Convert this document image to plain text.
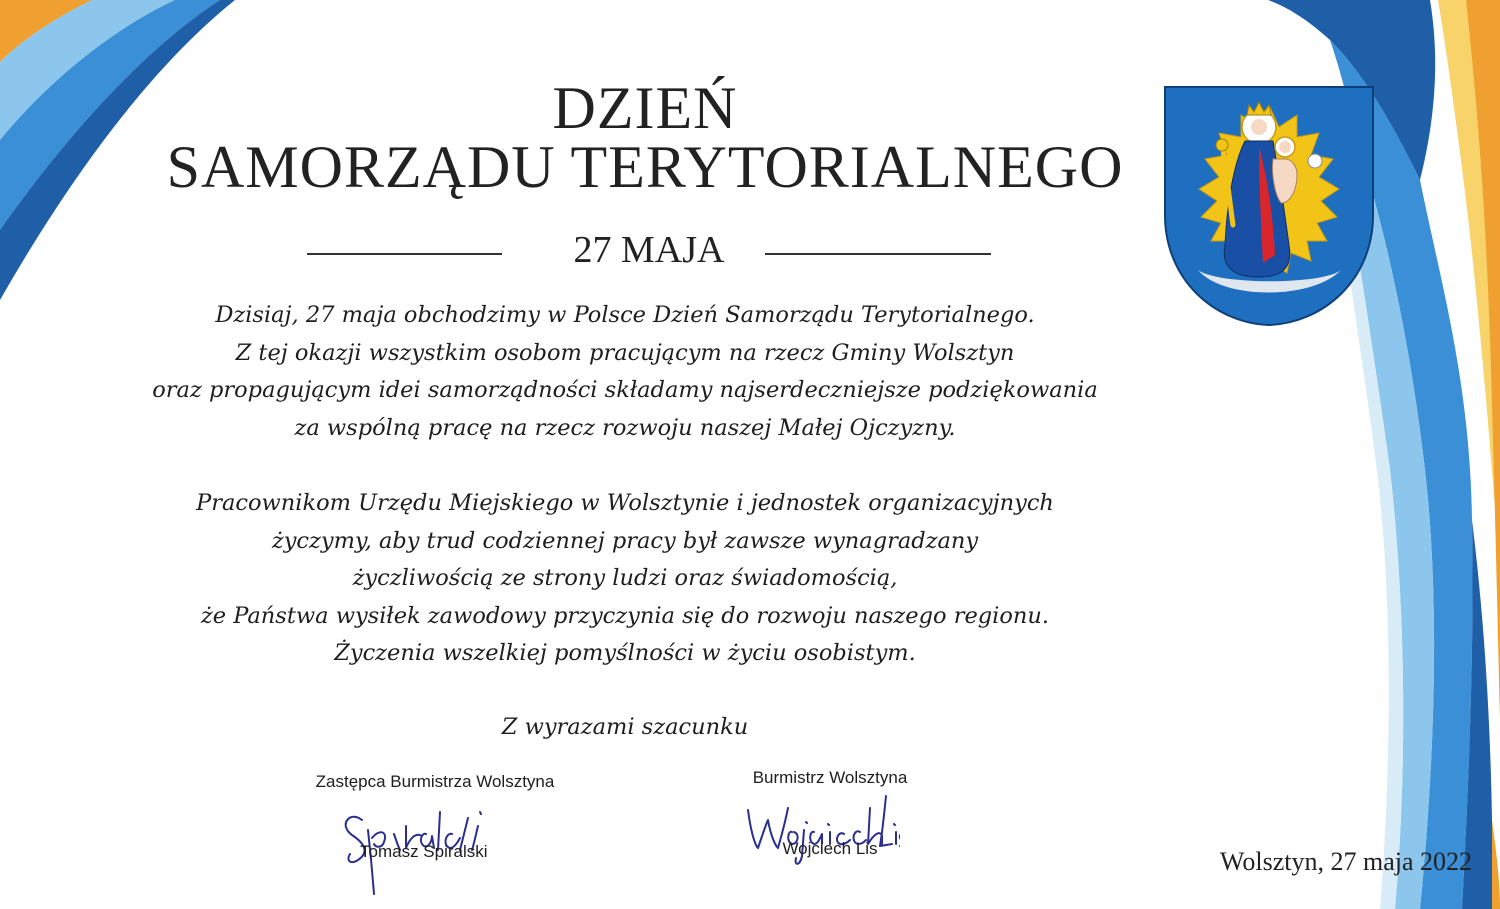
DZIEŃ
SAMORZĄDU TERYTORIALNEGO
27 MAJA
Dzisiaj, 27 maja obchodzimy w Polsce Dzień Samorządu Terytorialnego.
Z tej okazji wszystkim osobom pracującym na rzecz Gminy Wolsztyn
oraz propagującym idei samorządności składamy najserdeczniejsze podziękowania
za wspólną pracę na rzecz rozwoju naszej Małej Ojczyzny.
Pracownikom Urzędu Miejskiego w Wolsztynie i jednostek organizacyjnych
życzymy, aby trud codziennej pracy był zawsze wynagradzany
życzliwością ze strony ludzi oraz świadomością,
że Państwa wysiłek zawodowy przyczynia się do rozwoju naszego regionu.
Życzenia wszelkiej pomyślności w życiu osobistym.
Z wyrazami szacunku
Zastępca Burmistrza Wolsztyna
Tomasz Spiralski
Burmistrz Wolsztyna
Wojciech Lis	Wolsztyn, 27 maja 2022
